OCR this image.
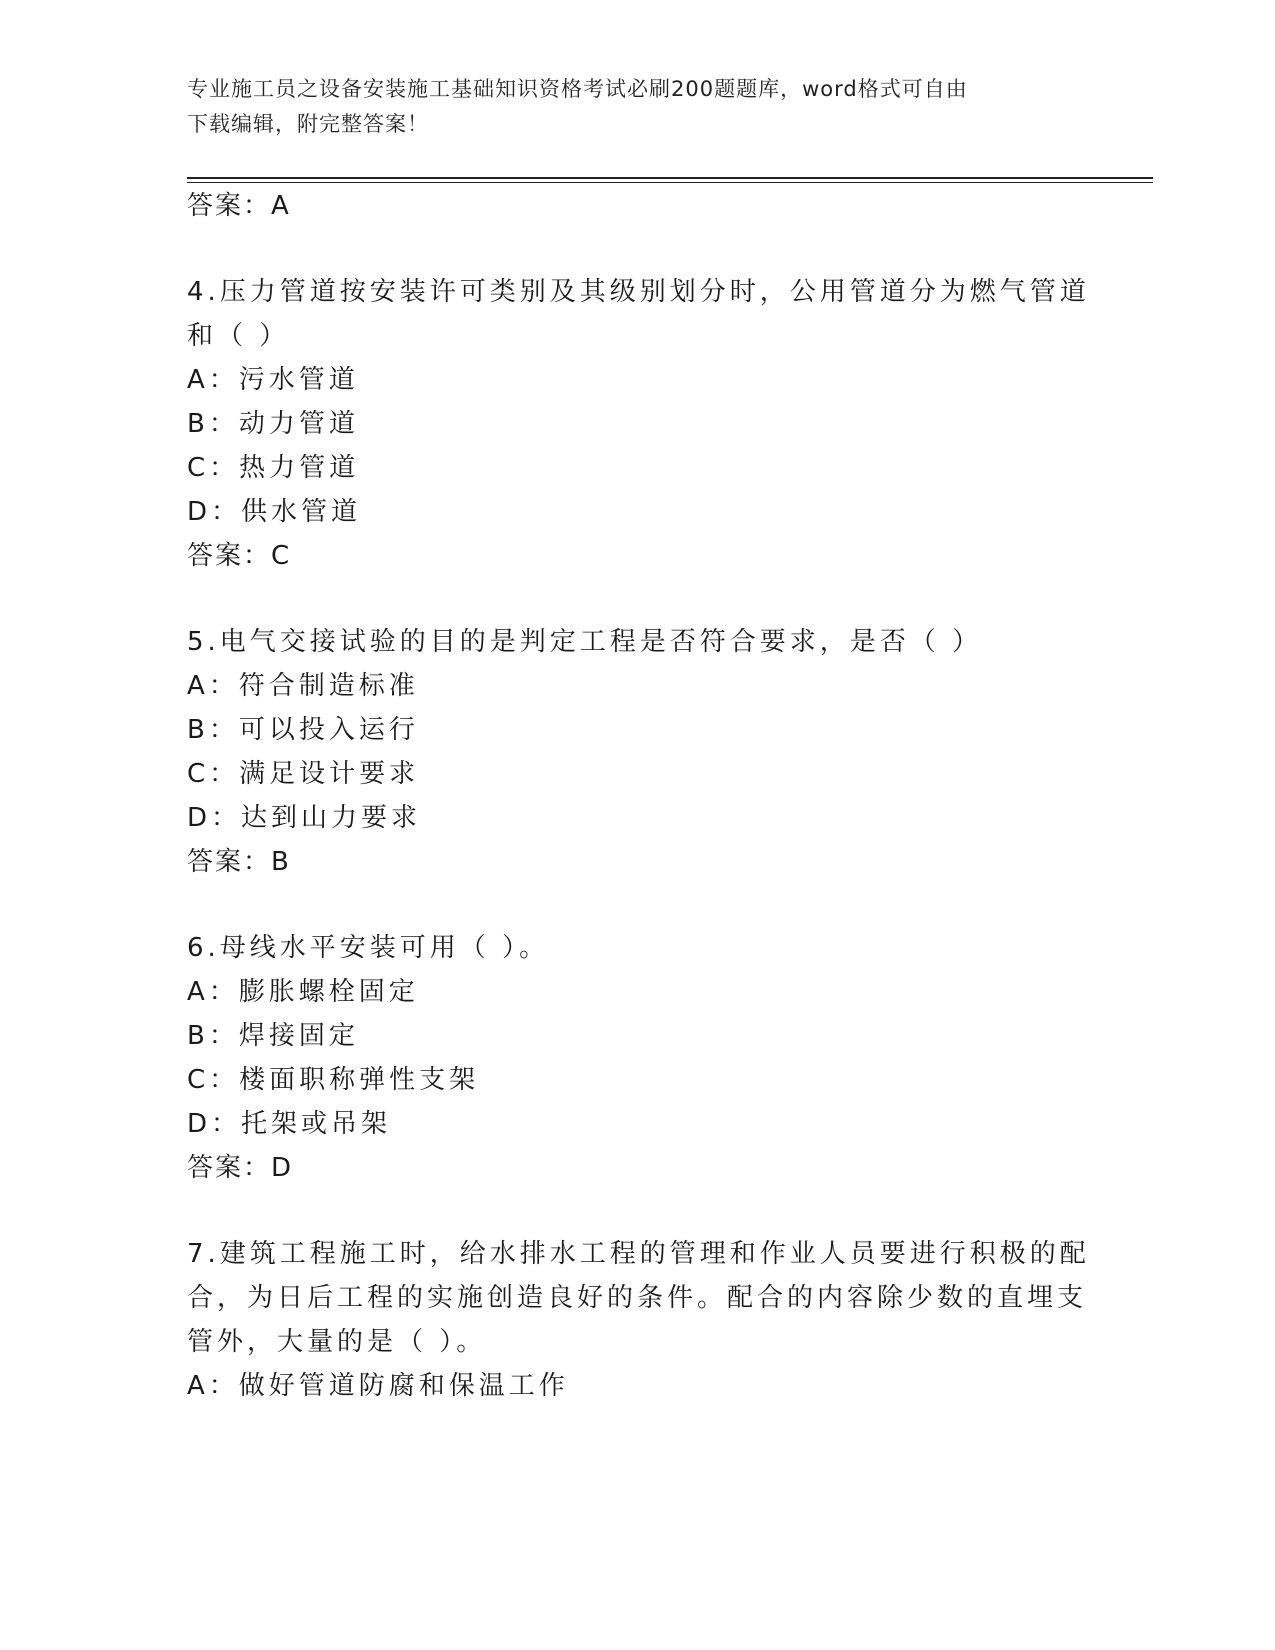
专业施工员之设备安装施工基础知识资格考试必刷200题题库，word格式可自由
下载编辑，附完整答案！
答案：A
4.压力管道按安装许可类别及其级别划分时，公用管道分为燃气管道
和（ ）
A：污水管道
B：动力管道
C：热力管道
D：供水管道
答案：C
5.电气交接试验的目的是判定工程是否符合要求，是否（ ）
A：符合制造标准
B：可以投入运行
C：满足设计要求
D：达到山力要求
答案：B
6.母线水平安装可用（ ）。
A：膨胀螺栓固定
B：焊接固定
C：楼面职称弹性支架
D：托架或吊架
答案：D
7.建筑工程施工时，给水排水工程的管理和作业人员要进行积极的配
合，为日后工程的实施创造良好的条件。配合的内容除少数的直埋支
管外，大量的是（ ）。
A：做好管道防腐和保温工作
